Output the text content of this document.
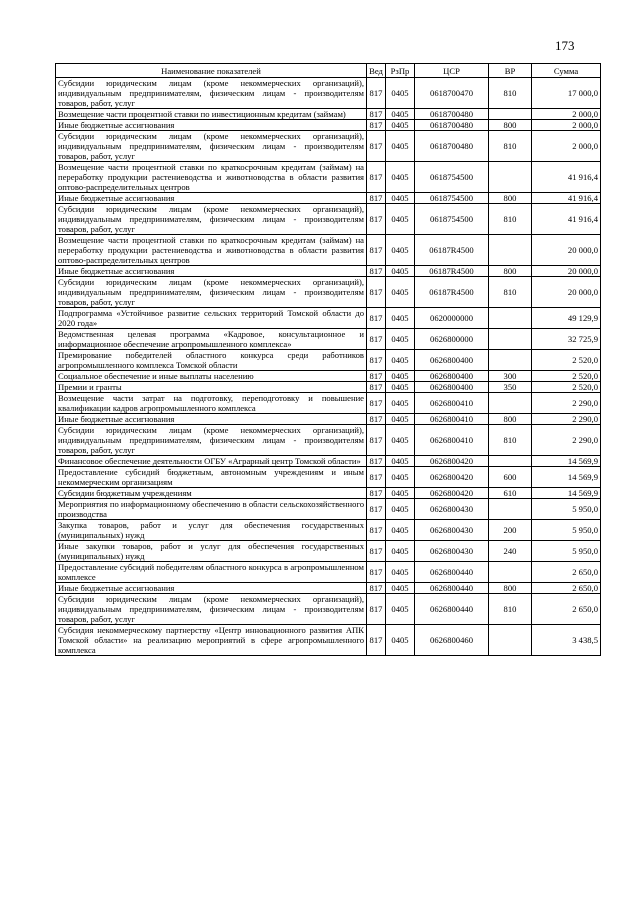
173
Наименование показателей	Вед	РзПр	ЦСР	ВР	Сумма
Субсидии юридическим лицам (кроме некоммерческих организаций), индивидуальным предпринимателям, физическим лицам - производителям товаров, работ, услуг	817	0405	0618700470	810	17 000,0
Возмещение части процентной ставки по инвестиционным кредитам (займам)	817	0405	0618700480		2 000,0
Иные бюджетные ассигнования	817	0405	0618700480	800	2 000,0
Субсидии юридическим лицам (кроме некоммерческих организаций), индивидуальным предпринимателям, физическим лицам - производителям товаров, работ, услуг	817	0405	0618700480	810	2 000,0
Возмещение части процентной ставки по краткосрочным кредитам (займам) на переработку продукции растениеводства и животноводства в области развития оптово-распределительных центров	817	0405	0618754500		41 916,4
Иные бюджетные ассигнования	817	0405	0618754500	800	41 916,4
Субсидии юридическим лицам (кроме некоммерческих организаций), индивидуальным предпринимателям, физическим лицам - производителям товаров, работ, услуг	817	0405	0618754500	810	41 916,4
Возмещение части процентной ставки по краткосрочным кредитам (займам) на переработку продукции растениеводства и животноводства в области развития оптово-распределительных центров	817	0405	06187R4500		20 000,0
Иные бюджетные ассигнования	817	0405	06187R4500	800	20 000,0
Субсидии юридическим лицам (кроме некоммерческих организаций), индивидуальным предпринимателям, физическим лицам - производителям товаров, работ, услуг	817	0405	06187R4500	810	20 000,0
Подпрограмма «Устойчивое развитие сельских территорий Томской области до 2020 года»	817	0405	0620000000		49 129,9
Ведомственная целевая программа «Кадровое, консультационное и информационное обеспечение агропромышленного комплекса»	817	0405	0626800000		32 725,9
Премирование победителей областного конкурса среди работников агропромышленного комплекса Томской области	817	0405	0626800400		2 520,0
Социальное обеспечение и иные выплаты населению	817	0405	0626800400	300	2 520,0
Премии и гранты	817	0405	0626800400	350	2 520,0
Возмещение части затрат на подготовку, переподготовку и повышение квалификации кадров агропромышленного комплекса	817	0405	0626800410		2 290,0
Иные бюджетные ассигнования	817	0405	0626800410	800	2 290,0
Субсидии юридическим лицам (кроме некоммерческих организаций), индивидуальным предпринимателям, физическим лицам - производителям товаров, работ, услуг	817	0405	0626800410	810	2 290,0
Финансовое обеспечение деятельности ОГБУ «Аграрный центр Томской области»	817	0405	0626800420		14 569,9
Предоставление субсидий бюджетным, автономным учреждениям и иным некоммерческим организациям	817	0405	0626800420	600	14 569,9
Субсидии бюджетным учреждениям	817	0405	0626800420	610	14 569,9
Мероприятия по информационному обеспечению в области сельскохозяйственного производства	817	0405	0626800430		5 950,0
Закупка товаров, работ и услуг для обеспечения государственных (муниципальных) нужд	817	0405	0626800430	200	5 950,0
Иные закупки товаров, работ и услуг для обеспечения государственных (муниципальных) нужд	817	0405	0626800430	240	5 950,0
Предоставление субсидий победителям областного конкурса в агропромышленном комплексе	817	0405	0626800440		2 650,0
Иные бюджетные ассигнования	817	0405	0626800440	800	2 650,0
Субсидии юридическим лицам (кроме некоммерческих организаций), индивидуальным предпринимателям, физическим лицам - производителям товаров, работ, услуг	817	0405	0626800440	810	2 650,0
Субсидия некоммерческому партнерству «Центр инновационного развития АПК Томской области» на реализацию мероприятий в сфере агропромышленного комплекса	817	0405	0626800460		3 438,5
